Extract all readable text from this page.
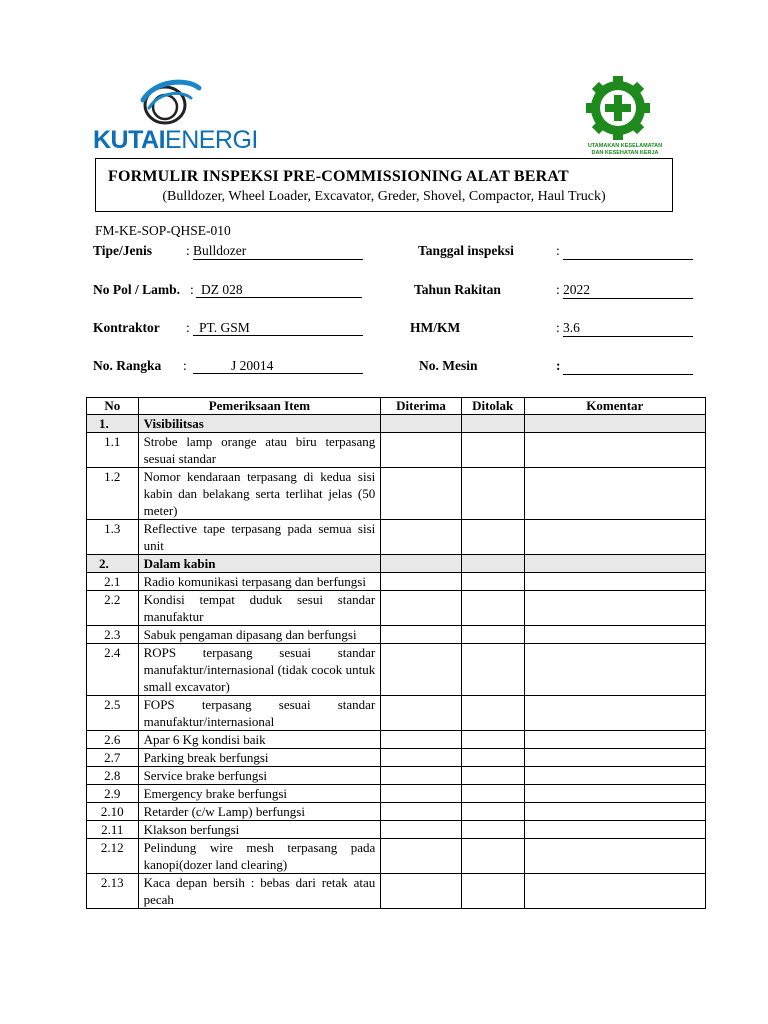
KUTAIENERGI	UTAMAKAN KESELAMATAN
DAN KESEHATAN KERJA
FORMULIR INSPEKSI PRE-COMMISSIONING ALAT BERAT
(Bulldozer, Wheel Loader, Excavator, Greder, Shovel, Compactor, Haul Truck)
FM-KE-SOP-QHSE-010
Tipe/Jenis	: Bulldozer	Tanggal inspeksi	:
No Pol / Lamb. : DZ 028	Tahun Rakitan	: 2022
Kontraktor : PT. GSM	HM/KM	: 3.6
No. Rangka :	J 20014	No. Mesin	:
No	Pemeriksaan Item	Diterima	Ditolak	Komentar
1.	Visibilitsas			
1.1	Strobe lamp orange atau biru terpasang sesuai standar			
1.2	Nomor kendaraan terpasang di kedua sisi kabin dan belakang serta terlihat jelas (50 meter)			
1.3	Reflective tape terpasang pada semua sisi unit			
2.	Dalam kabin			
2.1	Radio komunikasi terpasang dan berfungsi			
2.2	Kondisi tempat duduk sesui standar manufaktur			
2.3	Sabuk pengaman dipasang dan berfungsi			
2.4	ROPS terpasang sesuai standar manufaktur/internasional (tidak cocok untuk small excavator)			
2.5	FOPS terpasang sesuai standar manufaktur/internasional			
2.6	Apar 6 Kg kondisi baik			
2.7	Parking break berfungsi			
2.8	Service brake berfungsi			
2.9	Emergency brake berfungsi			
2.10	Retarder (c/w Lamp) berfungsi			
2.11	Klakson berfungsi			
2.12	Pelindung wire mesh terpasang pada kanopi(dozer land clearing)			
2.13	Kaca depan bersih : bebas dari retak atau pecah			
